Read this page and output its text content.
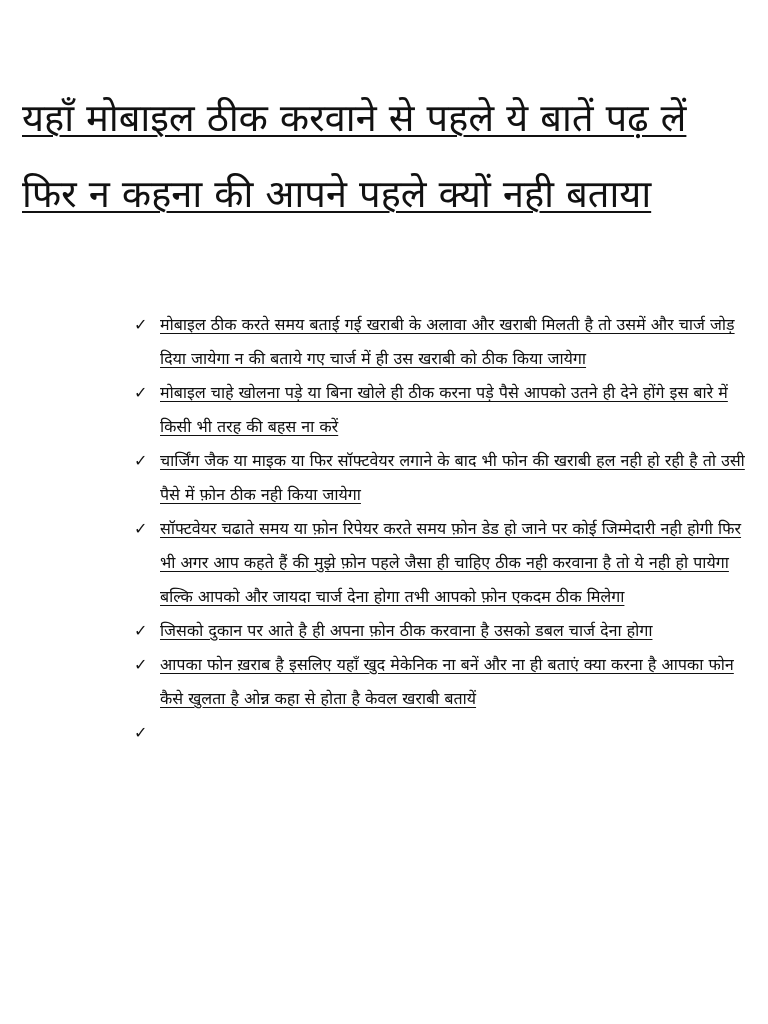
यहाँ मोबाइल ठीक करवाने से पहले ये बातें पढ़ लें फिर न कहना की आपने पहले क्यों नही बताया
✓ मोबाइल ठीक करते समय बताई गई खराबी के अलावा और खराबी मिलती है तो उसमें और चार्ज जोड़ दिया जायेगा न की बताये गए चार्ज में ही उस खराबी को ठीक किया जायेगा
✓ मोबाइल चाहे खोलना पड़े या बिना खोले ही ठीक करना पड़े पैसे आपको उतने ही देने होंगे इस बारे में किसी भी तरह की बहस ना करें
✓ चार्जिंग जैक या माइक या फिर सॉफ्टवेयर लगाने के बाद भी फोन की खराबी हल नही हो रही है तो उसी पैसे में फ़ोन ठीक नही किया जायेगा
✓ सॉफ्टवेयर चढाते समय या फ़ोन रिपेयर करते समय फ़ोन डेड हो जाने पर कोई जिम्मेदारी नही होगी फिर भी अगर आप कहते हैं की मुझे फ़ोन पहले जैसा ही चाहिए ठीक नही करवाना है तो ये नही हो पायेगा बल्कि आपको और जायदा चार्ज देना होगा तभी आपको फ़ोन एकदम ठीक मिलेगा
✓ जिसको दुकान पर आते है ही अपना फ़ोन ठीक करवाना है उसको डबल चार्ज देना होगा
✓ आपका फोन ख़राब है इसलिए यहाँ खुद मेकेनिक ना बनें और ना ही बताएं क्या करना है आपका फोन कैसे खुलता है ओन्न कहा से होता है केवल खराबी बतायें
✓
